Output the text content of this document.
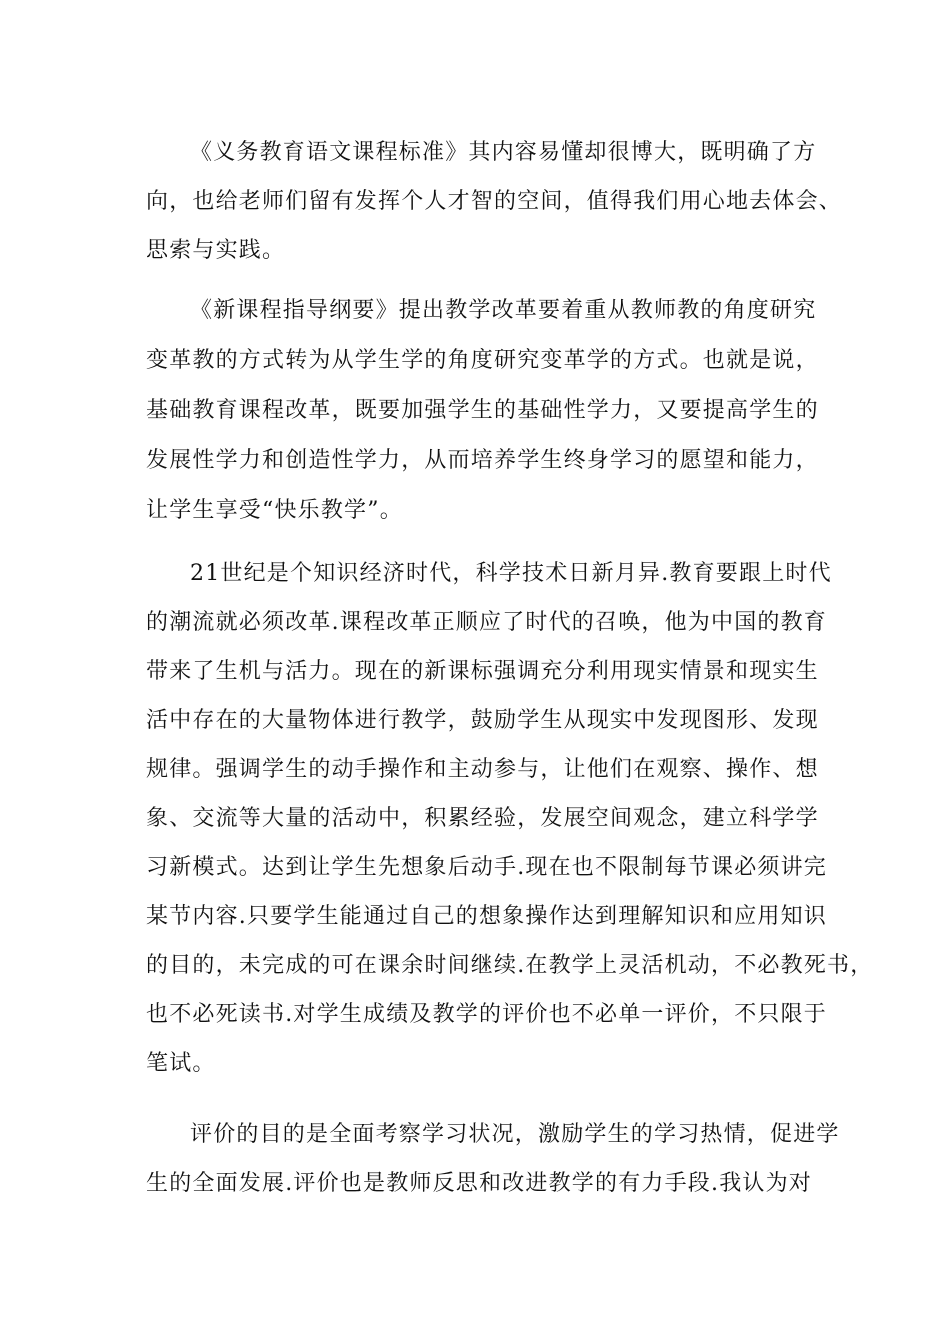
《义务教育语文课程标准》其内容易懂却很博大，既明确了方
向，也给老师们留有发挥个人才智的空间，值得我们用心地去体会、
思索与实践。
《新课程指导纲要》提出教学改革要着重从教师教的角度研究
变革教的方式转为从学生学的角度研究变革学的方式。也就是说，
基础教育课程改革，既要加强学生的基础性学力，又要提高学生的
发展性学力和创造性学力，从而培养学生终身学习的愿望和能力，
让学生享受“快乐教学”。
21世纪是个知识经济时代，科学技术日新月异.教育要跟上时代
的潮流就必须改革.课程改革正顺应了时代的召唤，他为中国的教育
带来了生机与活力。现在的新课标强调充分利用现实情景和现实生
活中存在的大量物体进行教学，鼓励学生从现实中发现图形、发现
规律。强调学生的动手操作和主动参与，让他们在观察、操作、想
象、交流等大量的活动中，积累经验，发展空间观念，建立科学学
习新模式。达到让学生先想象后动手.现在也不限制每节课必须讲完
某节内容.只要学生能通过自己的想象操作达到理解知识和应用知识
的目的，未完成的可在课余时间继续.在教学上灵活机动，不必教死书，
也不必死读书.对学生成绩及教学的评价也不必单一评价，不只限于
笔试。
评价的目的是全面考察学习状况，激励学生的学习热情，促进学
生的全面发展.评价也是教师反思和改进教学的有力手段.我认为对
